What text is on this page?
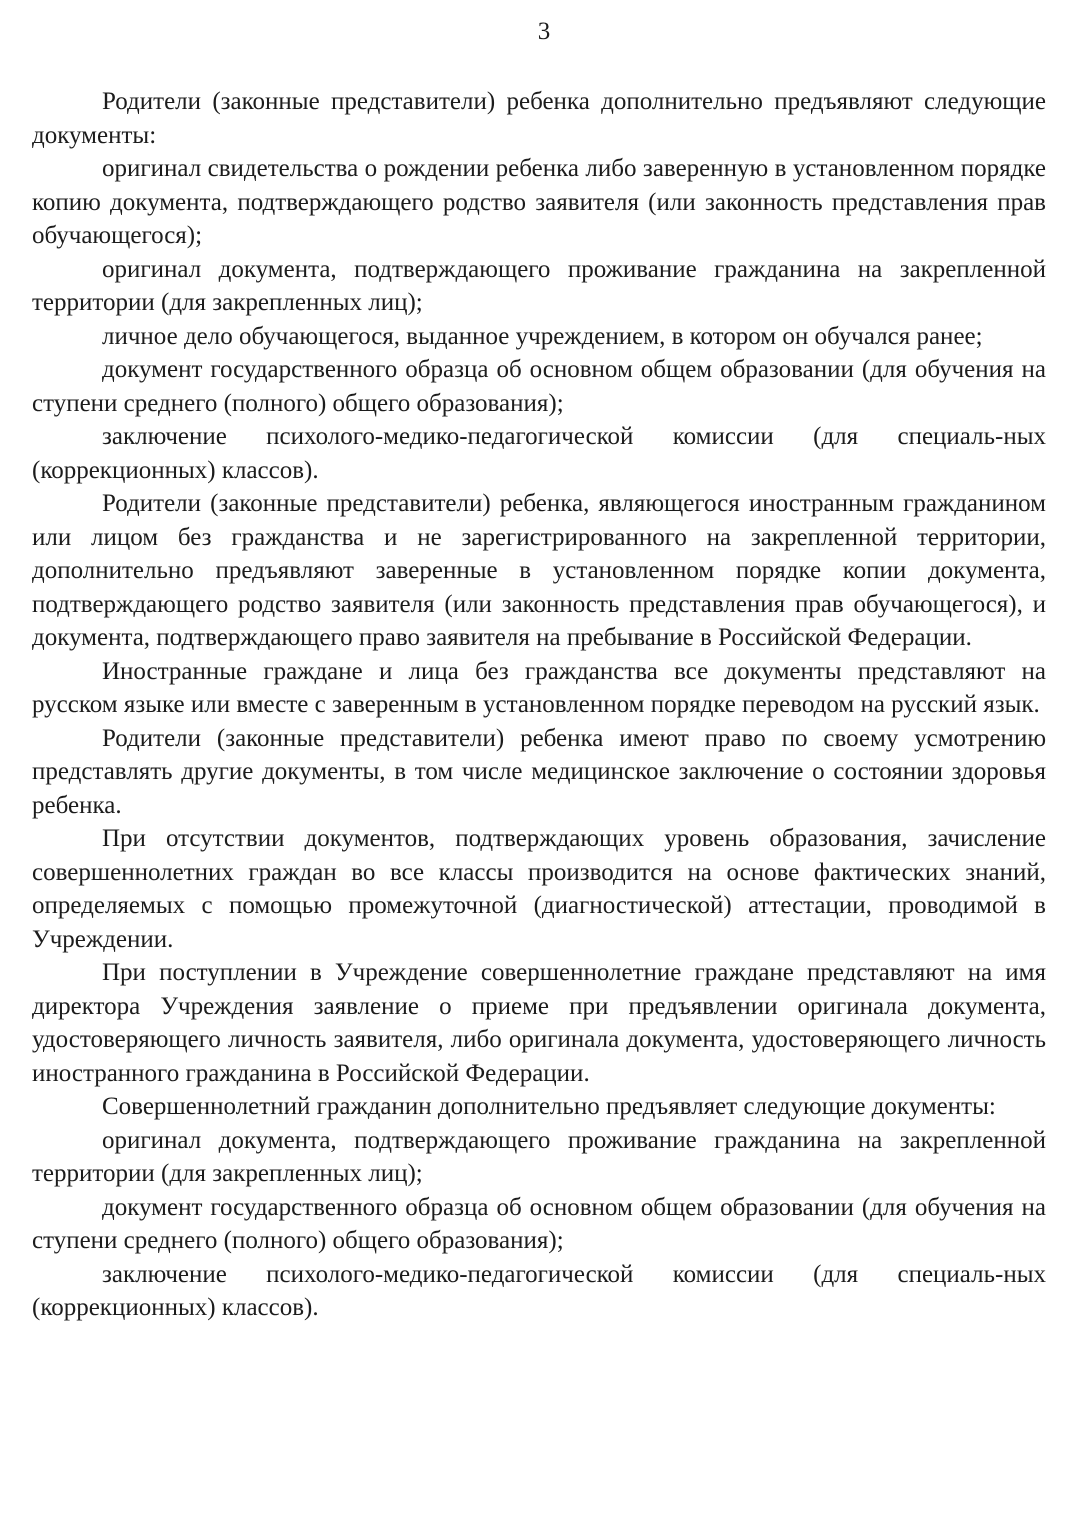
3

Родители (законные представители) ребенка дополнительно предъявляют следующие документы:

оригинал свидетельства о рождении ребенка либо заверенную в установленном порядке копию документа, подтверждающего родство заявителя (или законность представления прав обучающегося);

оригинал документа, подтверждающего проживание гражданина на закрепленной территории (для закрепленных лиц);

личное дело обучающегося, выданное учреждением, в котором он обучался ранее;

документ государственного образца об основном общем образовании (для обучения на ступени среднего (полного) общего образования);

заключение психолого-медико-педагогической комиссии (для специаль-ных (коррекционных) классов).

Родители (законные представители) ребенка, являющегося иностранным гражданином или лицом без гражданства и не зарегистрированного на закрепленной территории, дополнительно предъявляют заверенные в установленном порядке копии документа, подтверждающего родство заявителя (или законность представления прав обучающегося), и документа, подтверждающего право заявителя на пребывание в Российской Федерации.

Иностранные граждане и лица без гражданства все документы представляют на русском языке или вместе с заверенным в установленном порядке переводом на русский язык.

Родители (законные представители) ребенка имеют право по своему усмотрению представлять другие документы, в том числе медицинское заключение о состоянии здоровья ребенка.

При отсутствии документов, подтверждающих уровень образования, зачисление совершеннолетних граждан во все классы производится на основе фактических знаний, определяемых с помощью промежуточной (диагностической) аттестации, проводимой в Учреждении.

При поступлении в Учреждение совершеннолетние граждане представляют на имя директора Учреждения заявление о приеме при предъявлении оригинала документа, удостоверяющего личность заявителя, либо оригинала документа, удостоверяющего личность иностранного гражданина в Российской Федерации.

Совершеннолетний гражданин дополнительно предъявляет следующие документы:

оригинал документа, подтверждающего проживание гражданина на закрепленной территории (для закрепленных лиц);

документ государственного образца об основном общем образовании (для обучения на ступени среднего (полного) общего образования);

заключение психолого-медико-педагогической комиссии (для специаль-ных (коррекционных) классов).
